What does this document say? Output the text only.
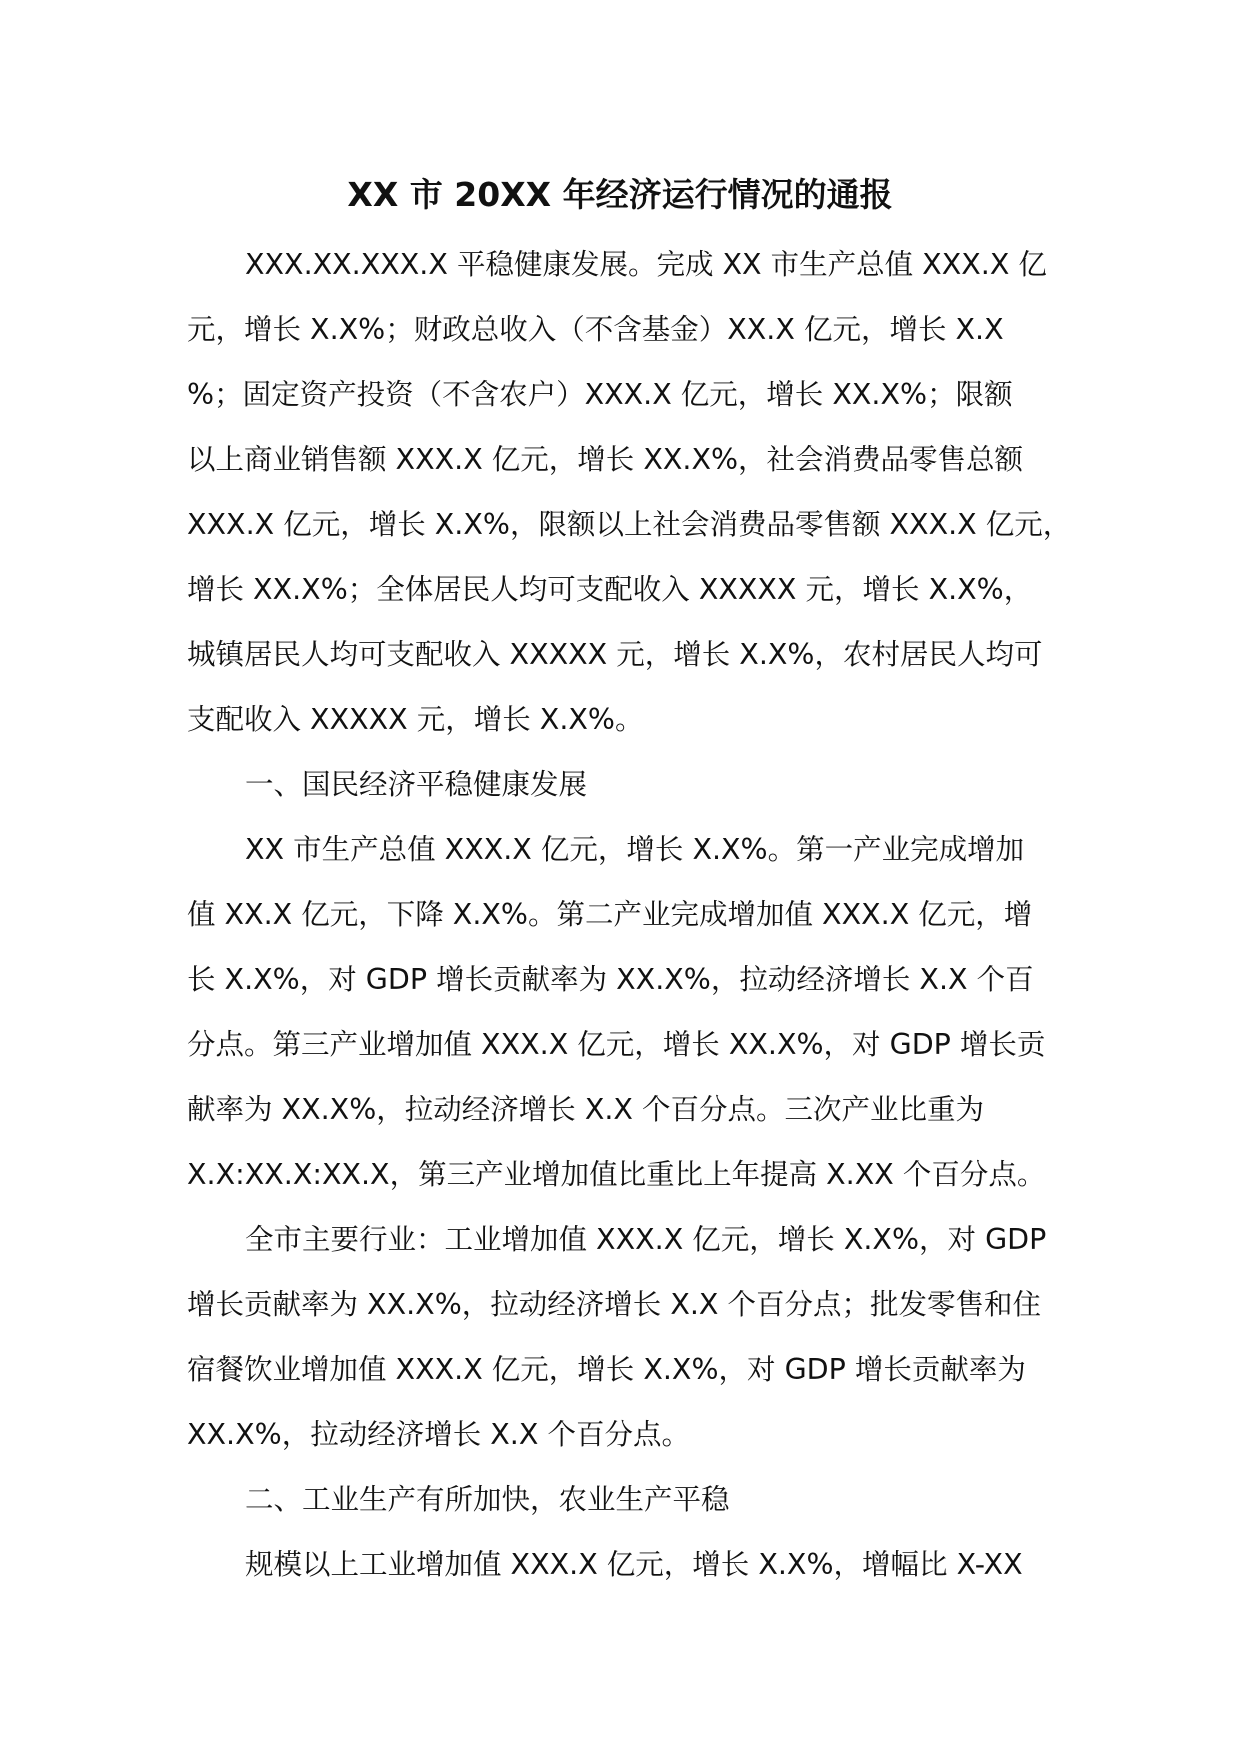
XX 市 20XX 年经济运行情况的通报
XXX.XX.XXX.X 平稳健康发展。完成 XX 市生产总值 XXX.X 亿
元，增长 X.X%；财政总收入（不含基金）XX.X 亿元，增长 X.X
%；固定资产投资（不含农户）XXX.X 亿元，增长 XX.X%；限额
以上商业销售额 XXX.X 亿元，增长 XX.X%，社会消费品零售总额
XXX.X 亿元，增长 X.X%，限额以上社会消费品零售额 XXX.X 亿元，
增长 XX.X%；全体居民人均可支配收入 XXXXX 元，增长 X.X%，
城镇居民人均可支配收入 XXXXX 元，增长 X.X%，农村居民人均可
支配收入 XXXXX 元，增长 X.X%。
一、国民经济平稳健康发展
XX 市生产总值 XXX.X 亿元，增长 X.X%。第一产业完成增加
值 XX.X 亿元，下降 X.X%。第二产业完成增加值 XXX.X 亿元，增
长 X.X%，对 GDP 增长贡献率为 XX.X%，拉动经济增长 X.X 个百
分点。第三产业增加值 XXX.X 亿元，增长 XX.X%，对 GDP 增长贡
献率为 XX.X%，拉动经济增长 X.X 个百分点。三次产业比重为
X.X:XX.X:XX.X，第三产业增加值比重比上年提高 X.XX 个百分点。
全市主要行业：工业增加值 XXX.X 亿元，增长 X.X%，对 GDP
增长贡献率为 XX.X%，拉动经济增长 X.X 个百分点；批发零售和住
宿餐饮业增加值 XXX.X 亿元，增长 X.X%，对 GDP 增长贡献率为
XX.X%，拉动经济增长 X.X 个百分点。
二、工业生产有所加快，农业生产平稳
规模以上工业增加值 XXX.X 亿元，增长 X.X%，增幅比 X-XX
